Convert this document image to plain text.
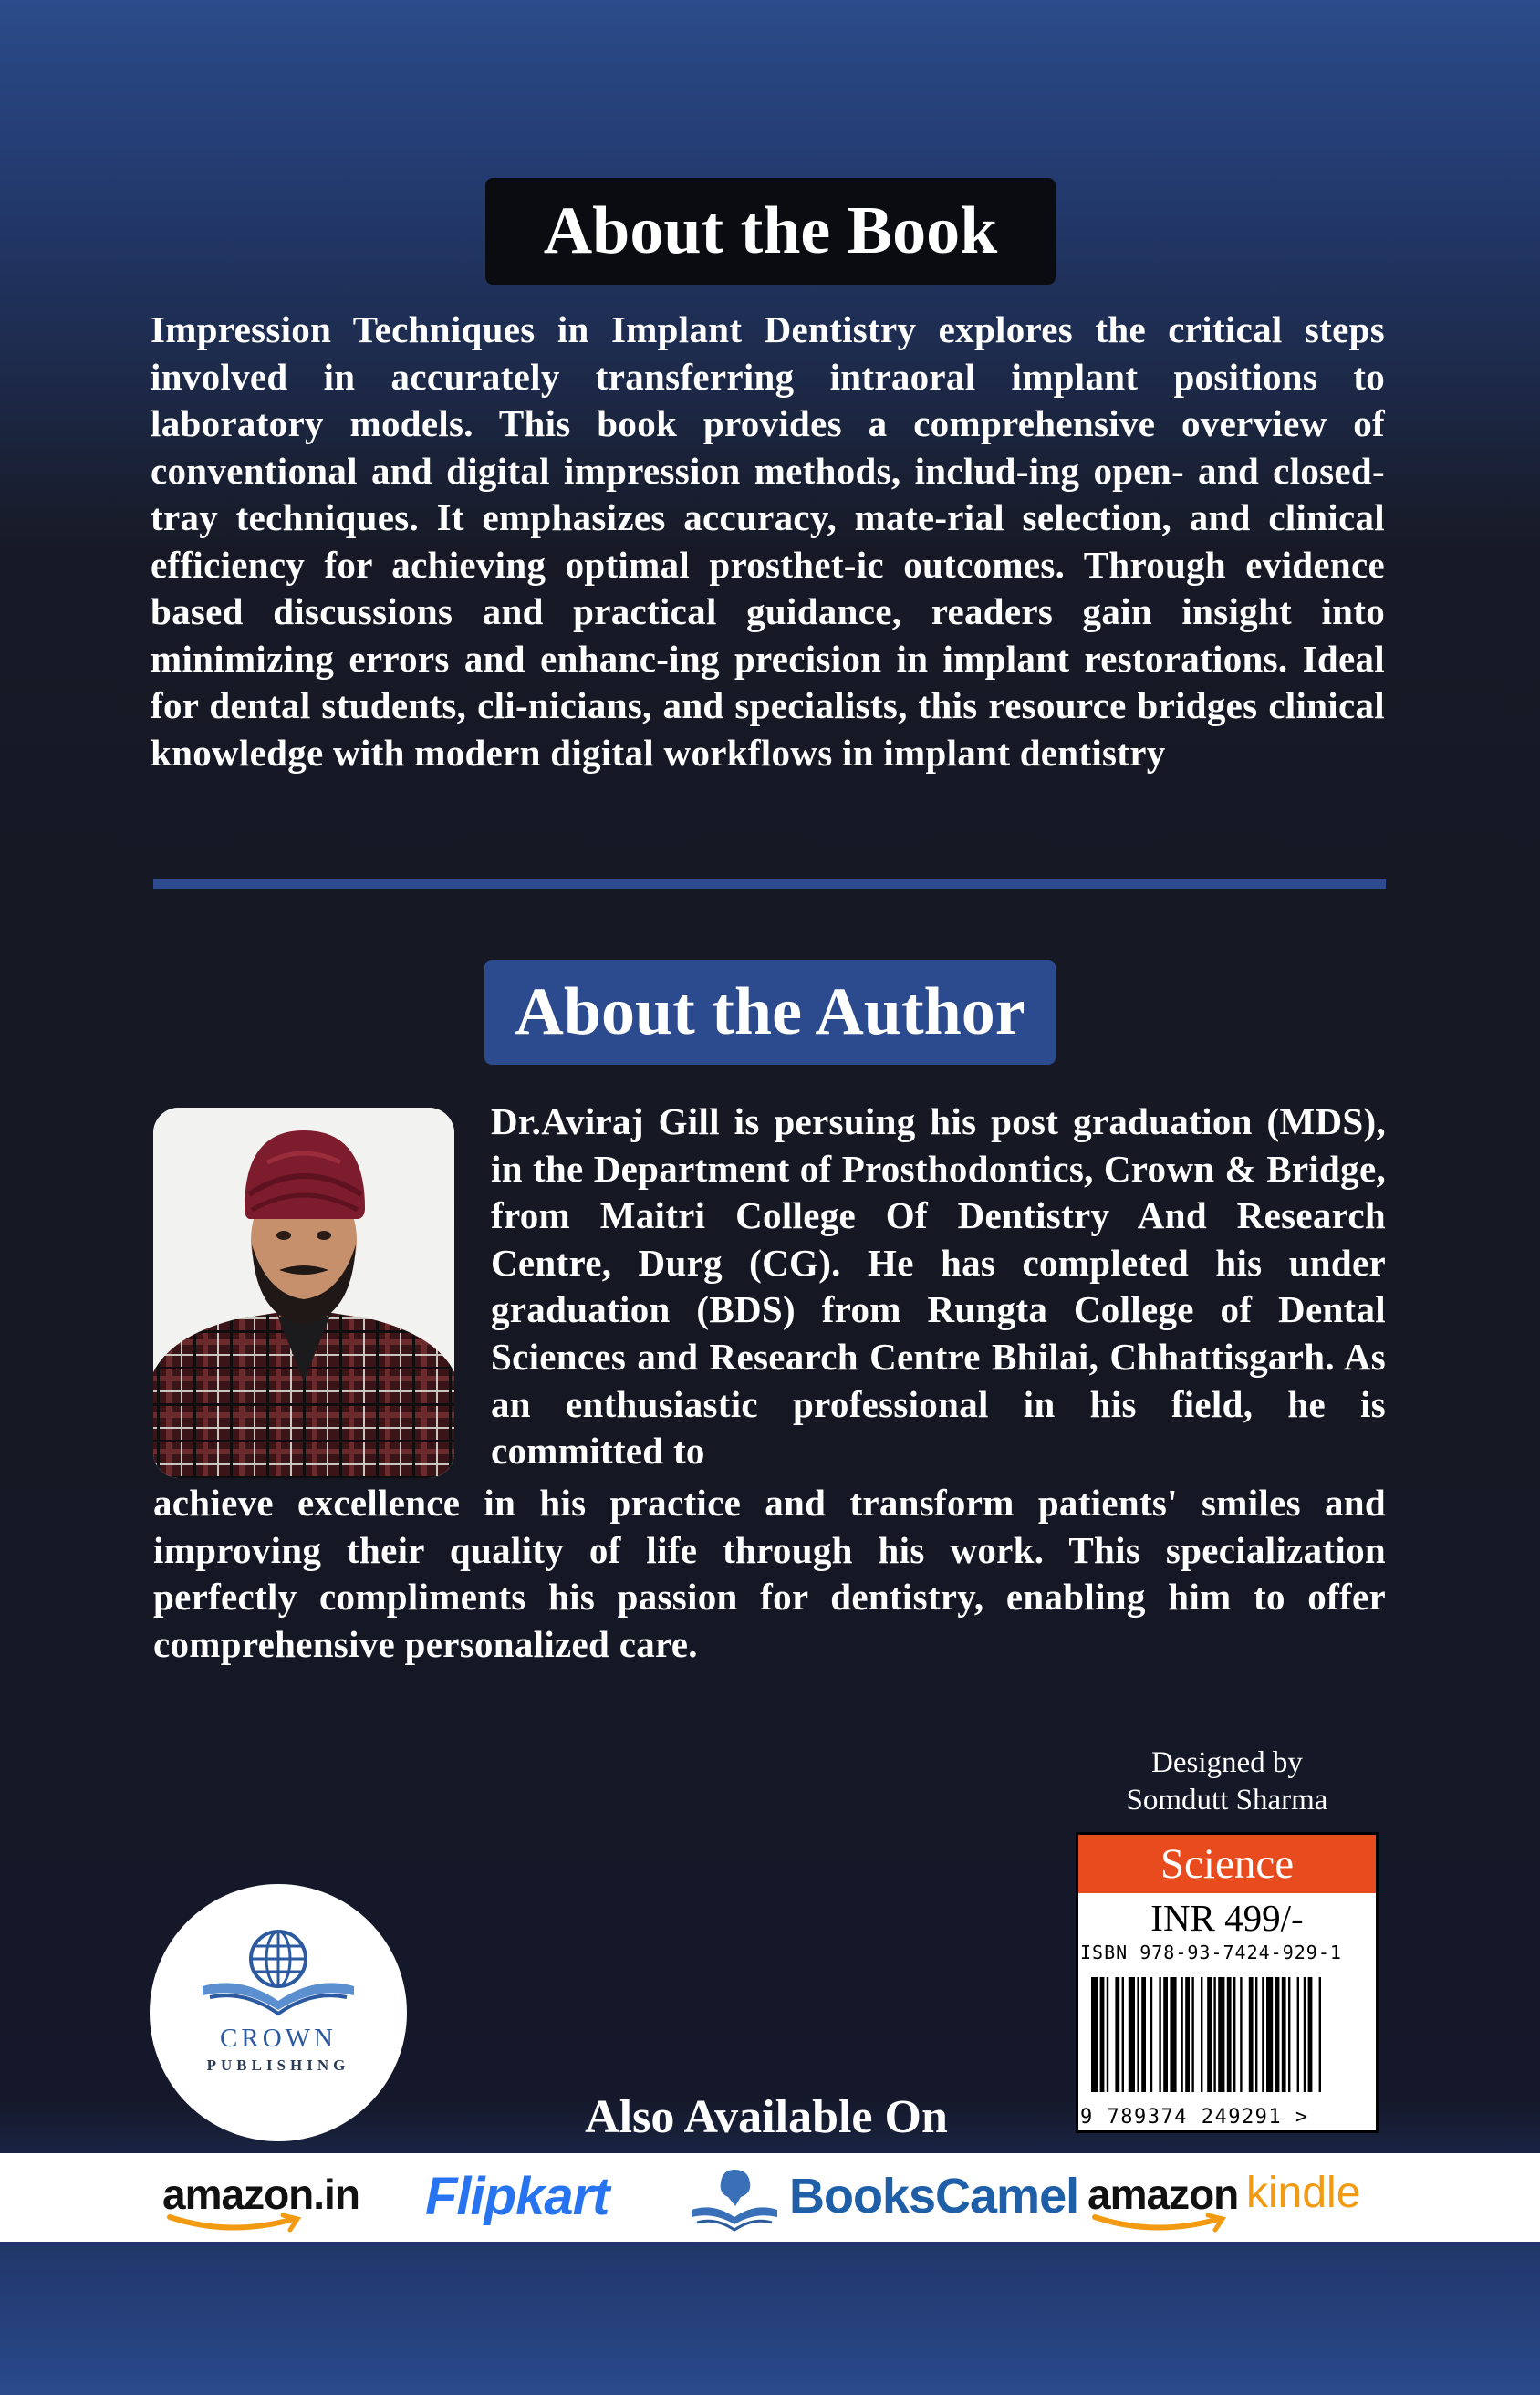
About the Book
Impression Techniques in Implant Dentistry explores the critical steps involved in accurately transferring intraoral implant positions to laboratory models. This book provides a comprehensive overview of conventional and digital impression methods, includ-ing open- and closed-tray techniques. It emphasizes accuracy, mate-rial selection, and clinical efficiency for achieving optimal prosthet-ic outcomes. Through evidence based discussions and practical guidance, readers gain insight into minimizing errors and enhanc-ing precision in implant restorations. Ideal for dental students, cli-nicians, and specialists, this resource bridges clinical knowledge with modern digital workflows in implant dentistry
About the Author
Dr.Aviraj Gill is persuing his post graduation (MDS), in the Department of Prosthodontics, Crown & Bridge, from Maitri College Of Dentistry And Research Centre, Durg (CG). He has completed his under graduation (BDS) from Rungta College of Dental Sciences and Research Centre Bhilai, Chhattisgarh. As an enthusiastic professional in his field, he is committed to
achieve excellence in his practice and transform patients' smiles and improving their quality of life through his work. This specialization perfectly compliments his passion for dentistry, enabling him to offer comprehensive personalized care.
Designed by
Somdutt Sharma
Science
INR 499/-
ISBN 978-93-7424-929-1
9 789374 249291 >
CROWN
PUBLISHING
Also Available On
amazon.in Flipkart	BooksCamel amazon kindle
